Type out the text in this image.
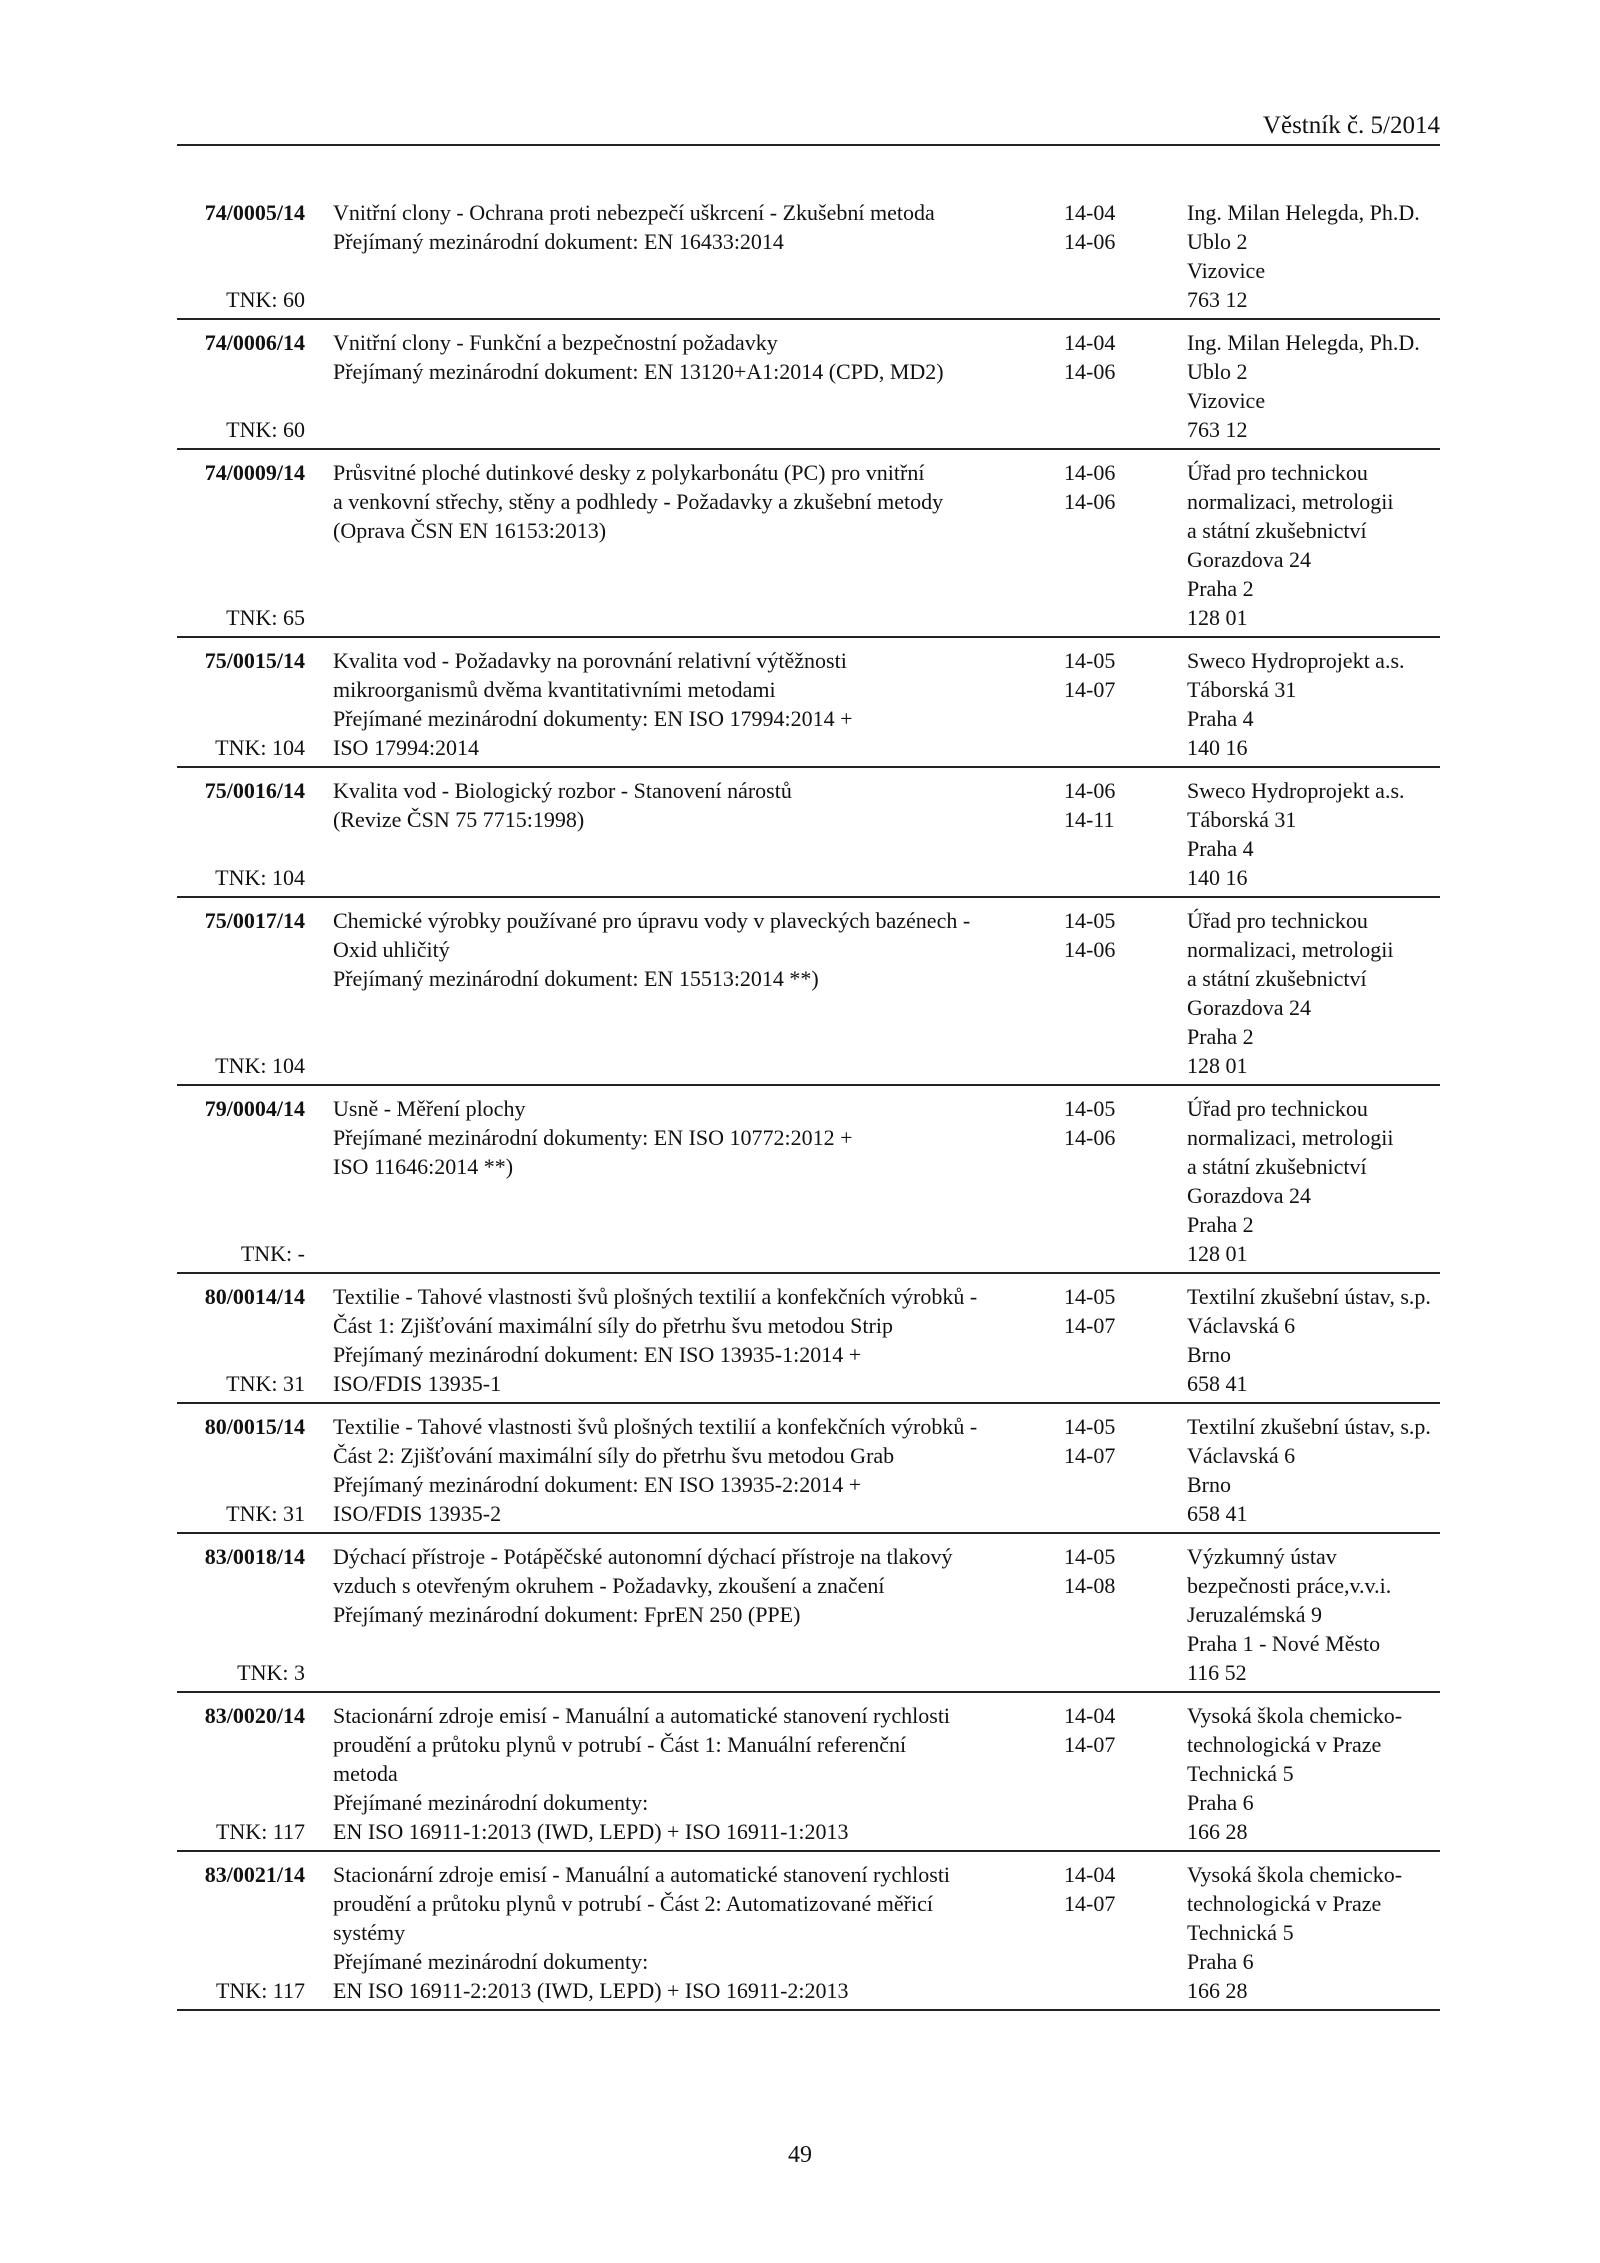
Věstník č. 5/2014
74/0005/14
TNK: 60
Vnitřní clony - Ochrana proti nebezpečí uškrcení - Zkušební metoda
Přejímaný mezinárodní dokument: EN 16433:2014
14-04
14-06
Ing. Milan Helegda, Ph.D.
Ublo 2
Vizovice
763 12
74/0006/14
TNK: 60
Vnitřní clony - Funkční a bezpečnostní požadavky
Přejímaný mezinárodní dokument: EN 13120+A1:2014 (CPD, MD2)
14-04
14-06
Ing. Milan Helegda, Ph.D.
Ublo 2
Vizovice
763 12
74/0009/14
TNK: 65
Průsvitné ploché dutinkové desky z polykarbonátu (PC) pro vnitřní
a venkovní střechy, stěny a podhledy - Požadavky a zkušební metody
(Oprava ČSN EN 16153:2013)
14-06
14-06
Úřad pro technickou
normalizaci, metrologii
a státní zkušebnictví
Gorazdova 24
Praha 2
128 01
75/0015/14
TNK: 104
Kvalita vod - Požadavky na porovnání relativní výtěžnosti
mikroorganismů dvěma kvantitativními metodami
Přejímané mezinárodní dokumenty: EN ISO 17994:2014 +
ISO 17994:2014
14-05
14-07
Sweco Hydroprojekt a.s.
Táborská 31
Praha 4
140 16
75/0016/14
TNK: 104
Kvalita vod - Biologický rozbor - Stanovení nárostů
(Revize ČSN 75 7715:1998)
14-06
14-11
Sweco Hydroprojekt a.s.
Táborská 31
Praha 4
140 16
75/0017/14
TNK: 104
Chemické výrobky používané pro úpravu vody v plaveckých bazénech -
Oxid uhličitý
Přejímaný mezinárodní dokument: EN 15513:2014 **)
14-05
14-06
Úřad pro technickou
normalizaci, metrologii
a státní zkušebnictví
Gorazdova 24
Praha 2
128 01
79/0004/14
TNK: -
Usně - Měření plochy
Přejímané mezinárodní dokumenty: EN ISO 10772:2012 +
ISO 11646:2014 **)
14-05
14-06
Úřad pro technickou
normalizaci, metrologii
a státní zkušebnictví
Gorazdova 24
Praha 2
128 01
80/0014/14
TNK: 31
Textilie - Tahové vlastnosti švů plošných textilií a konfekčních výrobků -
Část 1: Zjišťování maximální síly do přetrhu švu metodou Strip
Přejímaný mezinárodní dokument: EN ISO 13935-1:2014 +
ISO/FDIS 13935-1
14-05
14-07
Textilní zkušební ústav, s.p.
Václavská 6
Brno
658 41
80/0015/14
TNK: 31
Textilie - Tahové vlastnosti švů plošných textilií a konfekčních výrobků -
Část 2: Zjišťování maximální síly do přetrhu švu metodou Grab
Přejímaný mezinárodní dokument: EN ISO 13935-2:2014 +
ISO/FDIS 13935-2
14-05
14-07
Textilní zkušební ústav, s.p.
Václavská 6
Brno
658 41
83/0018/14
TNK: 3
Dýchací přístroje - Potápěčské autonomní dýchací přístroje na tlakový
vzduch s otevřeným okruhem - Požadavky, zkoušení a značení
Přejímaný mezinárodní dokument: FprEN 250 (PPE)
14-05
14-08
Výzkumný ústav
bezpečnosti práce,v.v.i.
Jeruzalémská 9
Praha 1 - Nové Město
116 52
83/0020/14
TNK: 117
Stacionární zdroje emisí - Manuální a automatické stanovení rychlosti
proudění a průtoku plynů v potrubí - Část 1: Manuální referenční
metoda
Přejímané mezinárodní dokumenty:
EN ISO 16911-1:2013 (IWD, LEPD) + ISO 16911-1:2013
14-04
14-07
Vysoká škola chemicko-
technologická v Praze
Technická 5
Praha 6
166 28
83/0021/14
TNK: 117
Stacionární zdroje emisí - Manuální a automatické stanovení rychlosti
proudění a průtoku plynů v potrubí - Část 2: Automatizované měřicí
systémy
Přejímané mezinárodní dokumenty:
EN ISO 16911-2:2013 (IWD, LEPD) + ISO 16911-2:2013
14-04
14-07
Vysoká škola chemicko-
technologická v Praze
Technická 5
Praha 6
166 28
49
